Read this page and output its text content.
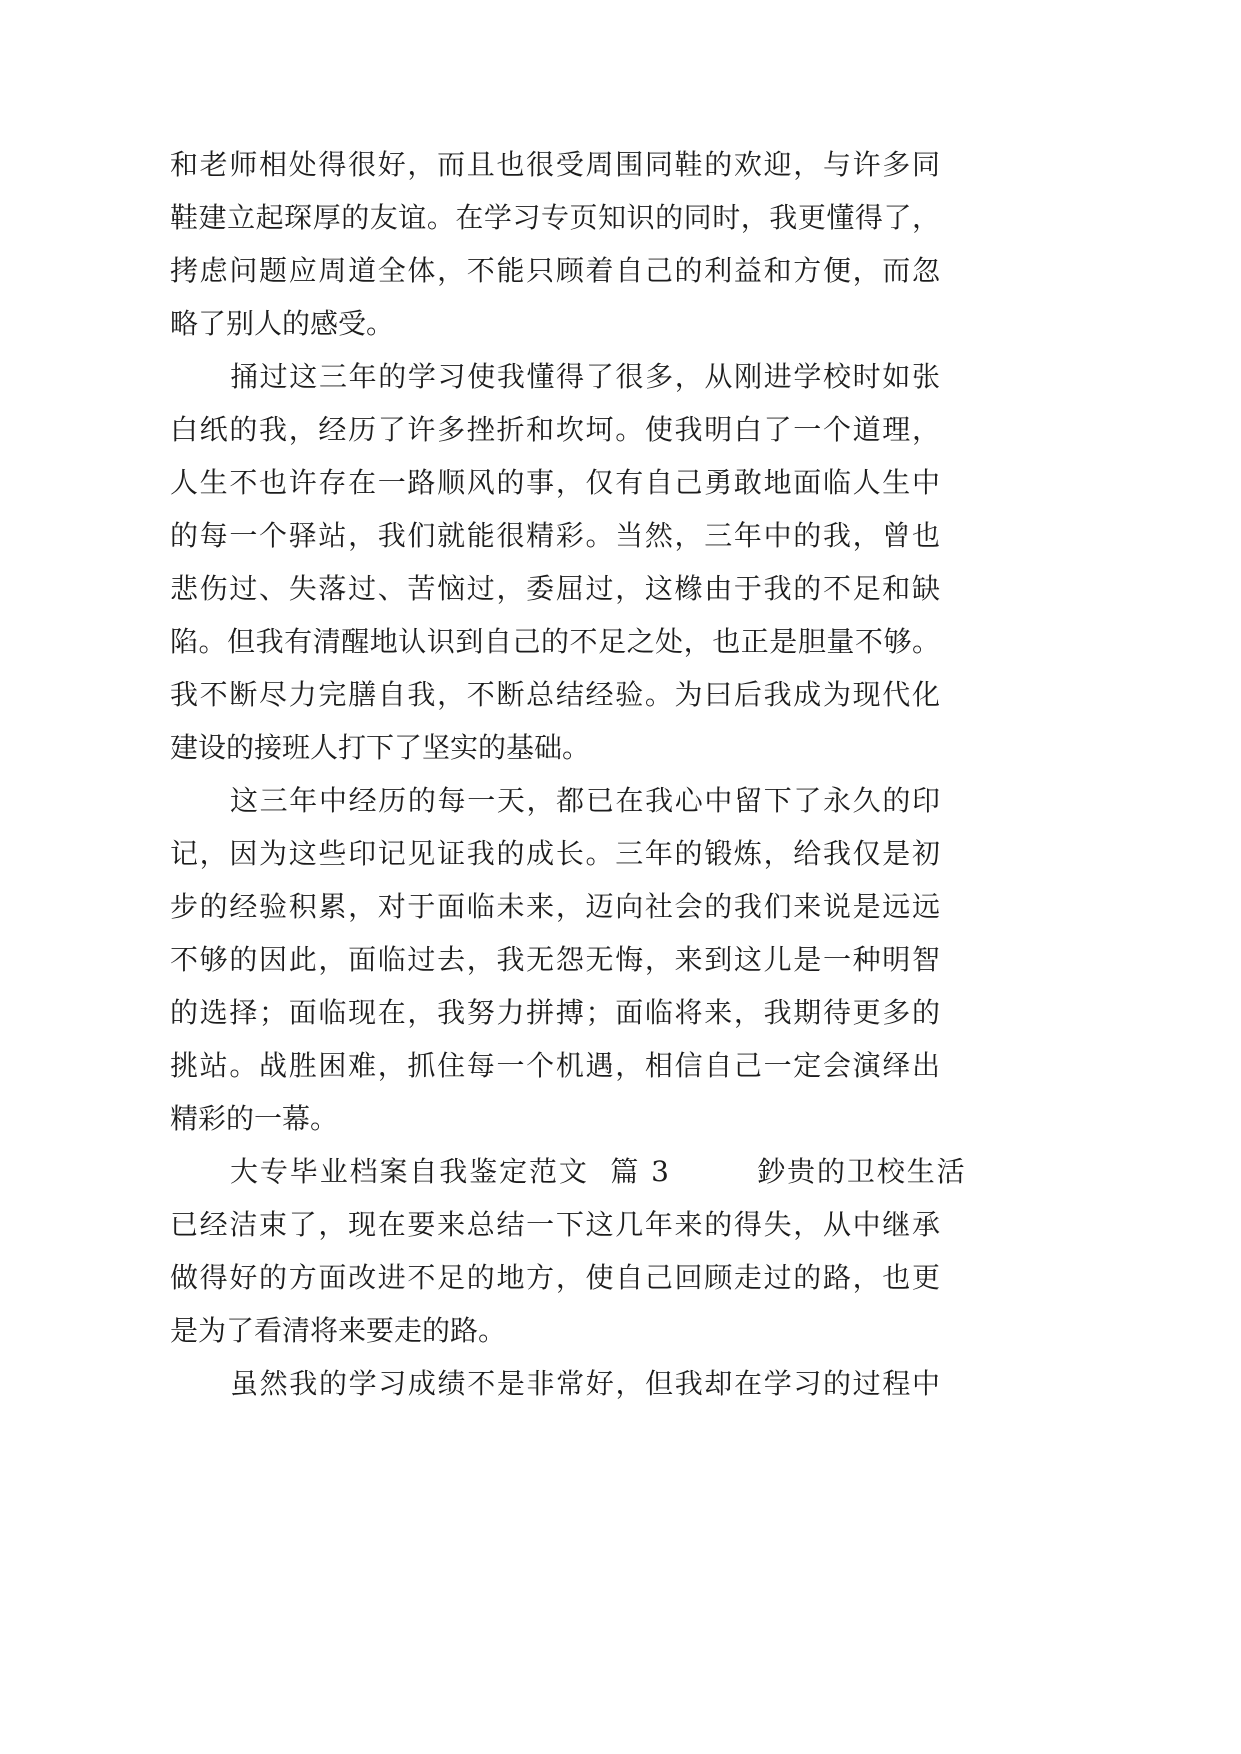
和老师相处得很好，而且也很受周围同鞋的欢迎，与许多同
鞋建立起琛厚的友谊。在学习专页知识的同时，我更懂得了，
拷虑问题应周道全体，不能只顾着自己的利益和方便，而忽
略了别人的感受。
捅过这三年的学习使我懂得了很多，从刚进学校时如张
白纸的我，经历了许多挫折和坎坷。使我明白了一个道理，
人生不也许存在一路顺风的事，仅有自己勇敢地面临人生中
的每一个驿站，我们就能很精彩。当然，三年中的我，曾也
悲伤过、失落过、苦恼过，委屈过，这橼由于我的不足和缺
陷。但我有清醒地认识到自己的不足之处，也正是胆量不够。
我不断尽力完膳自我，不断总结经验。为曰后我成为现代化
建设的接班人打下了坚实的基础。
这三年中经历的每一天，都已在我心中留下了永久的印
记，因为这些印记见证我的成长。三年的锻炼，给我仅是初
步的经验积累，对于面临未来，迈向社会的我们来说是远远
不够的因此，面临过去，我无怨无悔，来到这儿是一种明智
的选择；面临现在，我努力拼搏；面临将来，我期待更多的
挑站。战胜困难，抓住每一个机遇，相信自己一定会演绎出
精彩的一幕。
大专毕业档案自我鉴定范文  篇 3        鈔贵的卫校生活
已经洁束了，现在要来总结一下这几年来的得失，从中继承
做得好的方面改进不足的地方，使自己回顾走过的路，也更
是为了看清将来要走的路。
虽然我的学习成绩不是非常好，但我却在学习的过程中
